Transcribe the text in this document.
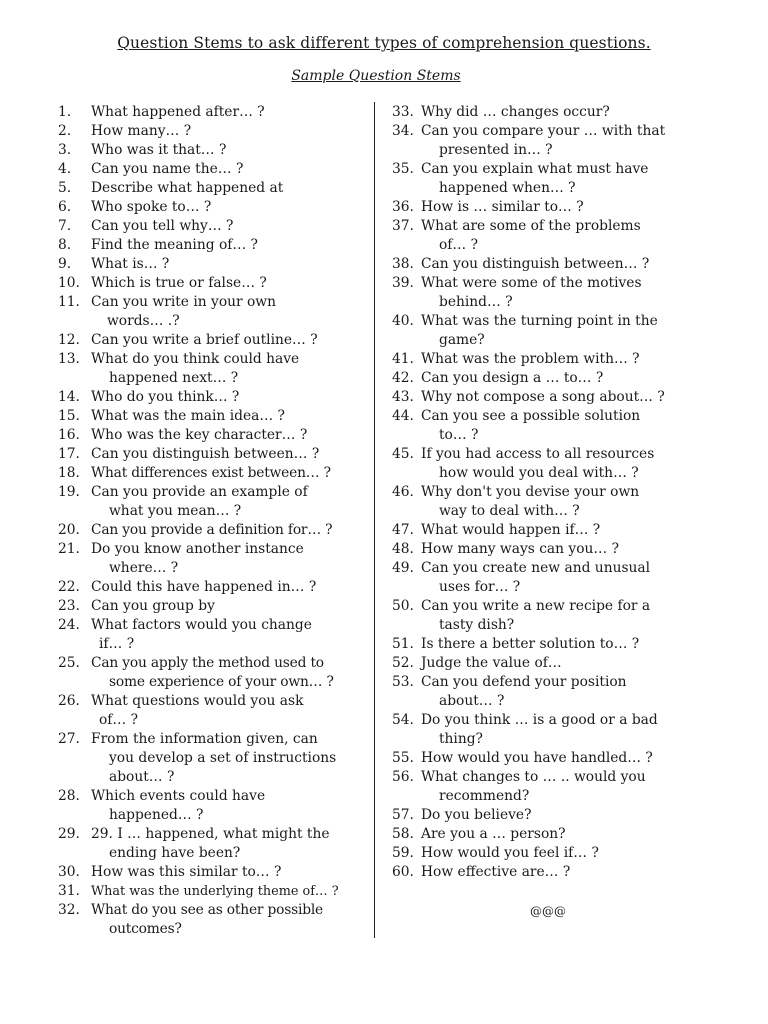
Question Stems to ask different types of comprehension questions.
Sample Question Stems
1.	What happened after… ?
2.	How many… ?
3.	Who was it that… ?
4.	Can you name the… ?
5.	Describe what happened at
6.	Who spoke to… ?
7.	Can you tell why… ?
8.	Find the meaning of… ?
9.	What is… ?
10. Which is true or false… ?
11. Can you write in your own
words… .?
12. Can you write a brief outline… ?
13. What do you think could have
happened next… ?
14. Who do you think… ?
15. What was the main idea… ?
16. Who was the key character… ?
17. Can you distinguish between… ?
18. What differences exist between… ?
19. Can you provide an example of
what you mean… ?
20. Can you provide a definition for… ?
21. Do you know another instance
where… ?
22. Could this have happened in… ?
23. Can you group by
24. What factors would you change
if… ?
25. Can you apply the method used to
some experience of your own… ?
26. What questions would you ask
of… ?
27. From the information given, can
you develop a set of instructions
about… ?
28. Which events could have
happened… ?
29. 29. I … happened, what might the
ending have been?
30. How was this similar to… ?
31. What was the underlying theme of… ?
32. What do you see as other possible
outcomes?
33. Why did … changes occur?
34. Can you compare your … with that
presented in… ?
35. Can you explain what must have
happened when… ?
36. How is … similar to… ?
37. What are some of the problems
of… ?
38. Can you distinguish between… ?
39. What were some of the motives
behind… ?
40. What was the turning point in the
game?
41. What was the problem with… ?
42. Can you design a … to… ?
43. Why not compose a song about… ?
44. Can you see a possible solution
to… ?
45. If you had access to all resources
how would you deal with… ?
46. Why don't you devise your own
way to deal with… ?
47. What would happen if… ?
48. How many ways can you… ?
49. Can you create new and unusual
uses for… ?
50. Can you write a new recipe for a
tasty dish?
51. Is there a better solution to… ?
52. Judge the value of…
53. Can you defend your position
about… ?
54. Do you think … is a good or a bad
thing?
55. How would you have handled… ?
56. What changes to … .. would you
recommend?
57. Do you believe?
58. Are you a … person?
59. How would you feel if… ?
60. How effective are… ?
@@@
